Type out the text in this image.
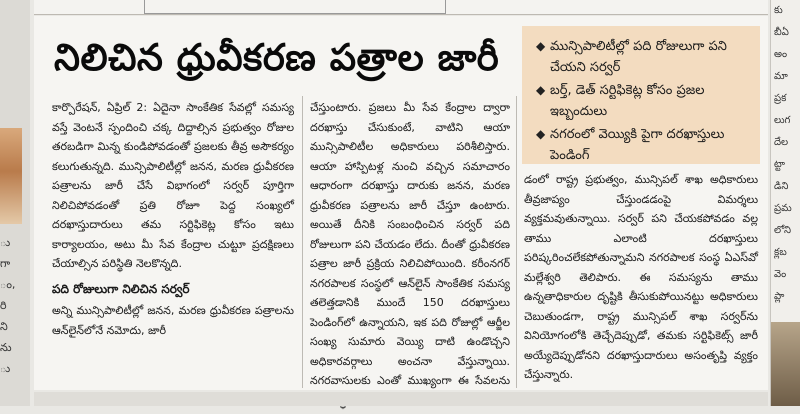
ు
గా
ం,
రి
ని
ను
ు
నిలిచిన ధ్రువీకరణ పత్రాల జారీ	◆ మున్సిపాలిటీల్లో పది రోజులుగా పని చేయని సర్వర్
◆ బర్త్‌, డెత్‌ సర్టిఫికెట్ల కోసం ప్రజల ఇబ్బందులు
◆ నగరంలో వెయ్యికి పైగా దరఖాస్తులు పెండింగ్‌

కార్పొరేషన్‌, ఏప్రిల్‌ 2: ఏదైనా సాంకేతిక సేవల్లో సమస్య వస్తే వెంటనే స్పందించి చక్క దిద్దాల్సిన ప్రభుత్వం రోజుల తరబడిగా మిన్న కుండిపోవడంతో ప్రజలకు తీవ్ర అసౌకర్యం కలుగుతున్నది. మున్సిపాలిటీల్లో జనన, మరణ ధ్రువీకరణ పత్రాలను జారీ చేసే విభాగంలో సర్వర్‌ పూర్తిగా నిలిచిపోవడంతో ప్రతి రోజూ పెద్ద సంఖ్యలో దరఖాస్తుదారులు తమ సర్టిఫికెట్ల కోసం ఇటు కార్యాలయం, అటు మీ సేవ కేంద్రాల చుట్టూ ప్రదక్షిణలు చేయాల్సిన పరిస్థితి నెలకొన్నది.

పది రోజులుగా నిలిచిన సర్వర్‌

అన్ని మున్సిపాలిటీల్లో జనన, మరణ ధ్రువీకరణ పత్రాలను ఆన్‌లైన్‌లోనే నమోదు, జారీ

చేస్తుంటారు. ప్రజలు మీ సేవ కేంద్రాల ద్వారా దరఖాస్తు చేసుకుంటే, వాటిని ఆయా మున్సిపాలిటీల అధికారులు పరిశీలిస్తారు. ఆయా హాస్పిటళ్ల నుంచి వచ్చిన సమాచారం ఆధారంగా దరఖాస్తు దారుకు జనన, మరణ ధ్రువీకరణ పత్రాలను జారీ చేస్తూ ఉంటారు. అయితే దీనికి సంబంధించిన సర్వర్‌ పది రోజులుగా పని చేయడం లేదు. దీంతో ధ్రువీకరణ పత్రాల జారీ ప్రక్రియ నిలిచిపోయింది. కరీంనగర్‌ నగరపాలక సంస్థలో ఆన్‌లైన్‌ సాంకేతిక సమస్య తలెత్తడానికి ముందే 150 దరఖాస్తులు పెండింగ్‌లో ఉన్నాయని, ఇక పది రోజుల్లో ఆర్జీల సంఖ్య సుమారు వెయ్యి దాటి ఉండొచ్చని అధికారవర్గాలు అంచనా వేస్తున్నాయి. నగరవాసులకు ఎంతో ముఖ్యంగా ఈ సేవలను

డంలో రాష్ట్ర ప్రభుత్వం, మున్సిపల్‌ శాఖ అధికారులు తీవ్రజాప్యం చేస్తుండడంపై విమర్శలు వ్యక్తమవుతున్నాయి. సర్వర్‌ పని చేయకపోవడం వల్ల తాము ఎలాంటి దరఖాస్తులు పరిష్కరించలేకపోతున్నామని నగరపాలక సంస్థ ఏఎస్‌వో మల్లేశ్వరి తెలిపారు. ఈ సమస్యను తాము ఉన్నతాధికారుల దృష్టికి తీసుకుపోయినట్టు అధికారులు చెబుతుండగా, రాష్ట్ర మున్సిపల్‌ శాఖ సర్వర్‌ను వినియోగంలోకి తెచ్చేదెప్పుడో, తమకు సర్టిఫికెట్స్‌ జారీ అయ్యేదెప్పుడోనని దరఖాస్తుదారులు అసంతృప్తి వ్యక్తం చేస్తున్నారు.

కు
బీఏ
అం
మా
ప్రక
లుగ
దేల
ట్టా
డిని
ప్రమ
లోని
క్లబ
వెం
ప్లా
